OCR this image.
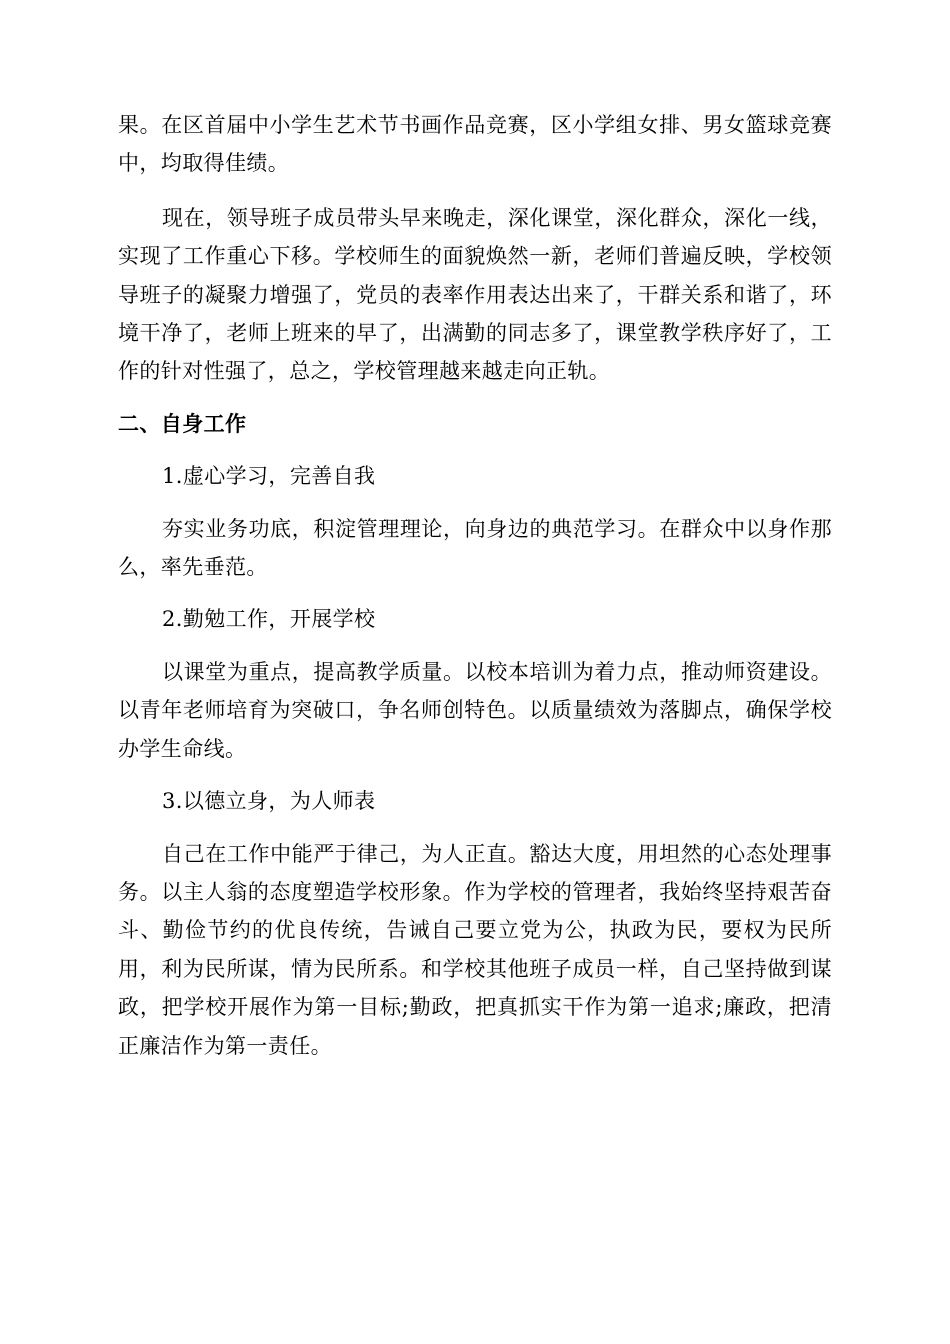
果。在区首届中小学生艺术节书画作品竞赛，区小学组女排、男女篮球竞赛中，均取得佳绩。

现在，领导班子成员带头早来晚走，深化课堂，深化群众，深化一线，实现了工作重心下移。学校师生的面貌焕然一新，老师们普遍反映，学校领导班子的凝聚力增强了，党员的表率作用表达出来了，干群关系和谐了，环境干净了，老师上班来的早了，出满勤的同志多了，课堂教学秩序好了，工作的针对性强了，总之，学校管理越来越走向正轨。

二、自身工作

1.虚心学习，完善自我

夯实业务功底，积淀管理理论，向身边的典范学习。在群众中以身作那么，率先垂范。

2.勤勉工作，开展学校

以课堂为重点，提高教学质量。以校本培训为着力点，推动师资建设。以青年老师培育为突破口，争名师创特色。以质量绩效为落脚点，确保学校办学生命线。

3.以德立身，为人师表

自己在工作中能严于律己，为人正直。豁达大度，用坦然的心态处理事务。以主人翁的态度塑造学校形象。作为学校的管理者，我始终坚持艰苦奋斗、勤俭节约的优良传统，告诫自己要立党为公，执政为民，要权为民所用，利为民所谋，情为民所系。和学校其他班子成员一样，自己坚持做到谋政，把学校开展作为第一目标;勤政，把真抓实干作为第一追求;廉政，把清正廉洁作为第一责任。
